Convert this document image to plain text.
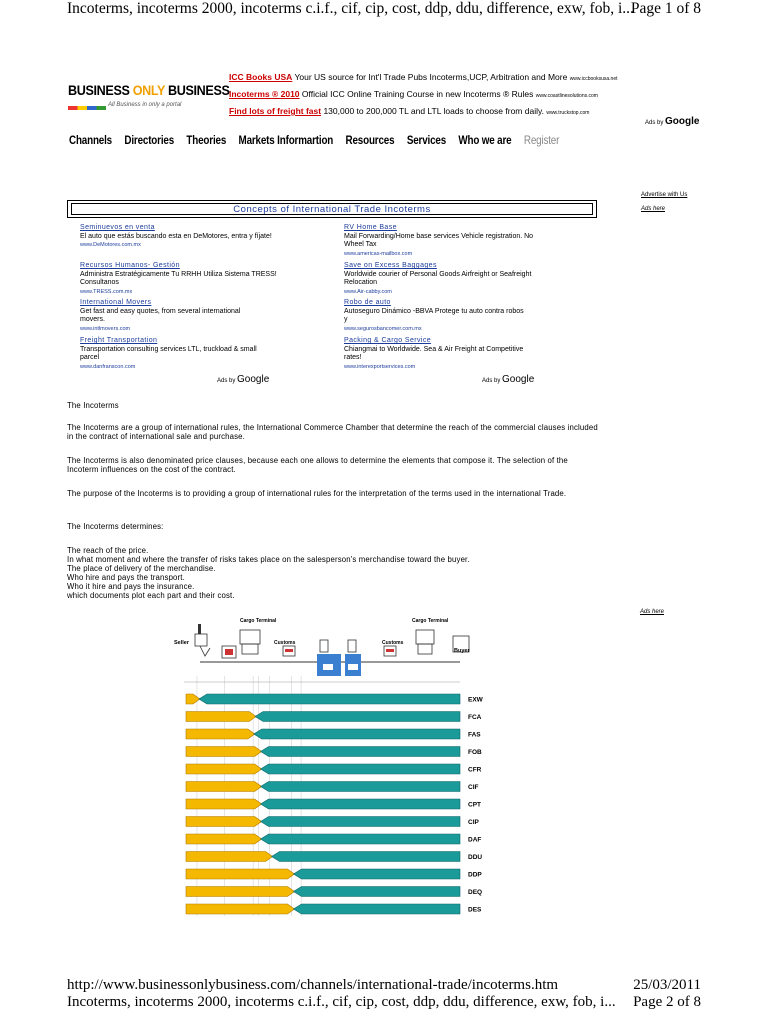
Incoterms, incoterms 2000, incoterms c.i.f., cif, cip, cost, ddp, ddu, difference, exw, fob, i...
Page 1 of 8
BUSINESS ONLY BUSINESS
All Business in only a portal
ICC Books USA Your US source for Int'l Trade Pubs Incoterms,UCP, Arbitration and More www.iccbooksusa.net
Incoterms ® 2010 Official ICC Online Training Course in new Incoterms ® Rules www.coastlinesolutions.com
Find lots of freight fast 130,000 to 200,000 TL and LTL loads to choose from daily. www.truckstop.com
Ads by Google
Channels Directories Theories Markets Informartion Resources Services Who we are Register
Advertise with Us
Ads here
Concepts of International Trade Incoterms
Seminuevos en venta
El auto que estás buscando esta en DeMotores, entra y fíjate!
www.DeMotores.com.mx
Recursos Humanos- Gestión
Administra Estratégicamente Tu RRHH Utiliza Sistema TRESS! Consultanos
www.TRESS.com.mx
International Movers
Get fast and easy quotes, from several international movers.
www.intlmovers.com
Freight Transportation
Transportation consulting services LTL, truckload & small parcel
www.danfranscon.com
Ads by Google
RV Home Base
Mail Forwarding/Home base services Vehicle registration. No Wheel Tax
www.americas-mailbox.com
Save on Excess Baggages
Worldwide courier of Personal Goods Airfreight or Seafreight Relocation
www.Air-cabby.com
Robo de auto
Autoseguro Dinámico -BBVA Protege tu auto contra robos y
www.segurosbancomer.com.mx
Packing & Cargo Service
Chiangmai to Worldwide. Sea & Air Freight at Competitive rates!
www.interexportservices.com
Ads by Google
The Incoterms

The Incoterms are a group of international rules, the International Commerce Chamber that determine the reach of the commercial clauses included in the contract of international sale and purchase.

The Incoterms is also denominated price clauses, because each one allows to determine the elements that compose it. The selection of the Incoterm influences on the cost of the contract.

The purpose of the Incoterms is to providing a group of international rules for the interpretation of the terms used in the international Trade.

The Incoterms determines:

The reach of the price.

In what moment and where the transfer of risks takes place on the salesperson's merchandise toward the buyer.

The place of delivery of the merchandise.

Who hire and pays the transport.

Who it hire and pays the insurance.

which documents plot each part and their cost.

Ads here
Seller
Cargo Terminal
Customs	Customs
Cargo Terminal
Buyer
EXW
FCA
FAS
FOB
CFR
CIF
CPT
CIP
DAF
DDU
DDP
DEQ
DES
http://www.businessonlybusiness.com/channels/international-trade/incoterms.htm	25/03/2011
Incoterms, incoterms 2000, incoterms c.i.f., cif, cip, cost, ddp, ddu, difference, exw, fob, i... Page 2 of 8
